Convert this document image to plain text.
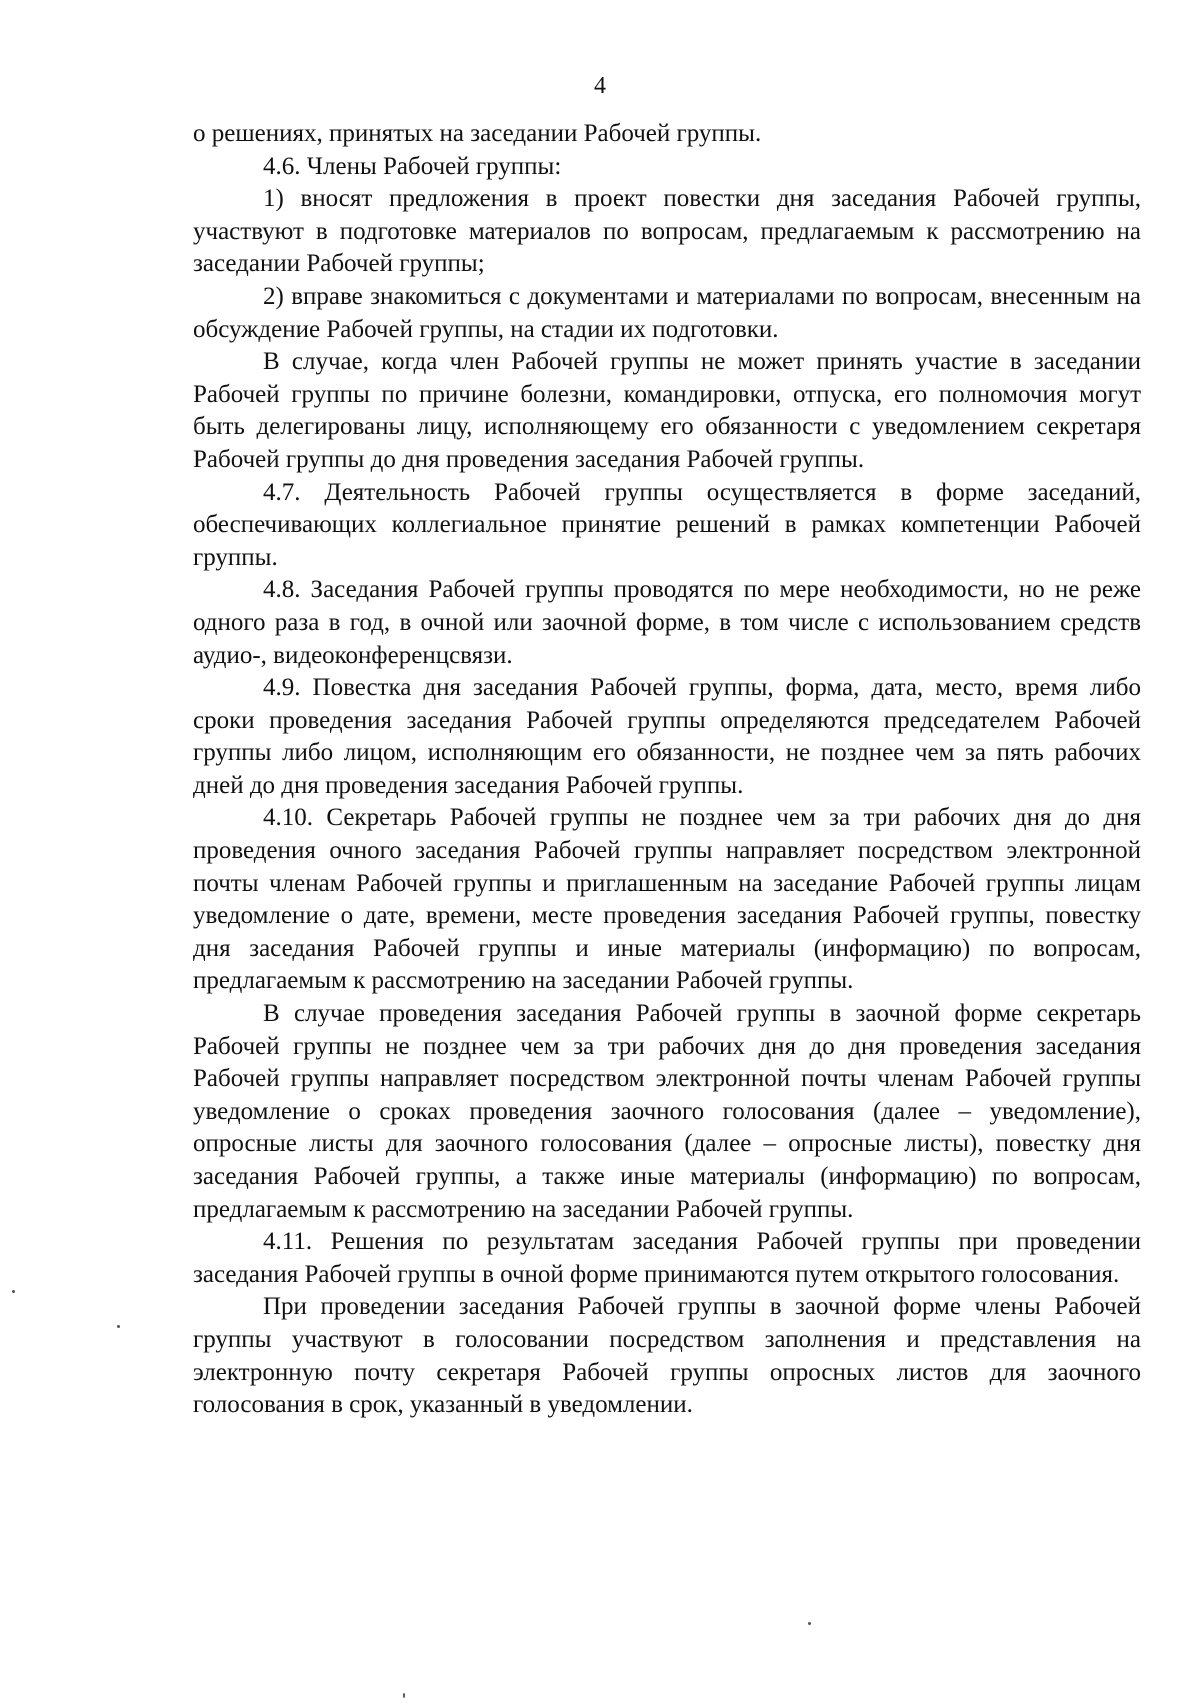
4

о решениях, принятых на заседании Рабочей группы.

4.6. Члены Рабочей группы:

1) вносят предложения в проект повестки дня заседания Рабочей группы, участвуют в подготовке материалов по вопросам, предлагаемым к рассмотрению на заседании Рабочей группы;

2) вправе знакомиться с документами и материалами по вопросам, внесенным на обсуждение Рабочей группы, на стадии их подготовки.

В случае, когда член Рабочей группы не может принять участие в заседании Рабочей группы по причине болезни, командировки, отпуска, его полномочия могут быть делегированы лицу, исполняющему его обязанности с уведомлением секретаря Рабочей группы до дня проведения заседания Рабочей группы.

4.7. Деятельность Рабочей группы осуществляется в форме заседаний, обеспечивающих коллегиальное принятие решений в рамках компетенции Рабочей группы.

4.8. Заседания Рабочей группы проводятся по мере необходимости, но не реже одного раза в год, в очной или заочной форме, в том числе с использованием средств аудио-, видеоконференцсвязи.

4.9. Повестка дня заседания Рабочей группы, форма, дата, место, время либо сроки проведения заседания Рабочей группы определяются председателем Рабочей группы либо лицом, исполняющим его обязанности, не позднее чем за пять рабочих дней до дня проведения заседания Рабочей группы.

4.10. Секретарь Рабочей группы не позднее чем за три рабочих дня до дня проведения очного заседания Рабочей группы направляет посредством электронной почты членам Рабочей группы и приглашенным на заседание Рабочей группы лицам уведомление о дате, времени, месте проведения заседания Рабочей группы, повестку дня заседания Рабочей группы и иные материалы (информацию) по вопросам, предлагаемым к рассмотрению на заседании Рабочей группы.

В случае проведения заседания Рабочей группы в заочной форме секретарь Рабочей группы не позднее чем за три рабочих дня до дня проведения заседания Рабочей группы направляет посредством электронной почты членам Рабочей группы уведомление о сроках проведения заочного голосования (далее – уведомление), опросные листы для заочного голосования (далее – опросные листы), повестку дня заседания Рабочей группы, а также иные материалы (информацию) по вопросам, предлагаемым к рассмотрению на заседании Рабочей группы.

4.11. Решения по результатам заседания Рабочей группы при проведении заседания Рабочей группы в очной форме принимаются путем открытого голосования.

При проведении заседания Рабочей группы в заочной форме члены Рабочей группы участвуют в голосовании посредством заполнения и представления на электронную почту секретаря Рабочей группы опросных листов для заочного голосования в срок, указанный в уведомлении.
